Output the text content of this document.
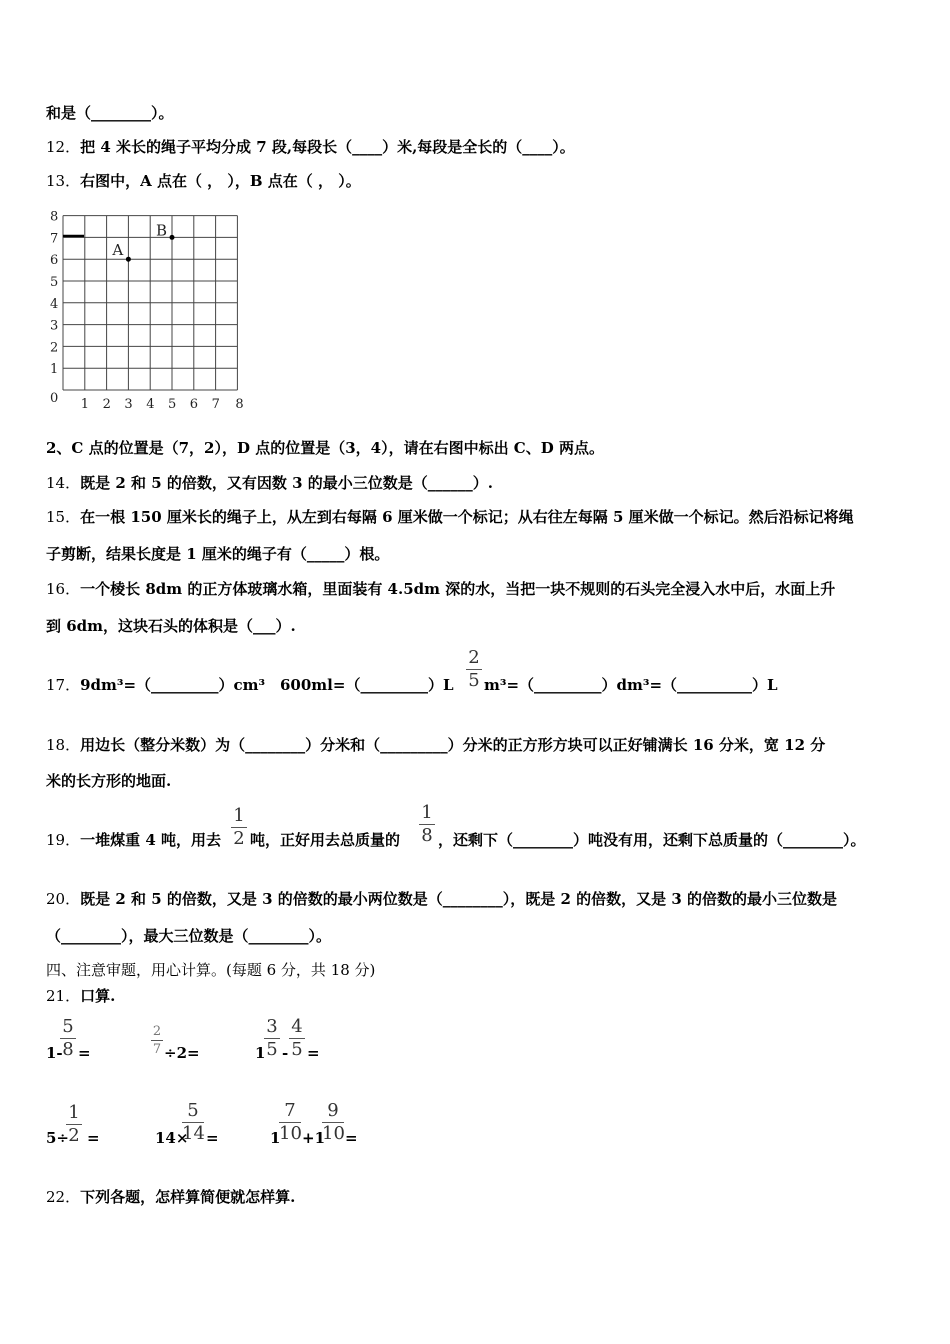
和是（________）。
12．把 4 米长的绳子平均分成 7 段,每段长（____）米,每段是全长的（____）。
13．右图中，A 点在（ ， ），B 点在（ ， ）。
0
1
2
3
4
5
6
7
8
1 2 3 4 5 6 7 8
A
B
2、C 点的位置是（7，2），D 点的位置是（3，4），请在右图中标出 C、D 两点。
14．既是 2 和 5 的倍数，又有因数 3 的最小三位数是（______）.
15．在一根 150 厘米长的绳子上，从左到右每隔 6 厘米做一个标记；从右往左每隔 5 厘米做一个标记。然后沿标记将绳
子剪断，结果长度是 1 厘米的绳子有（_____）根。
16．一个棱长 8dm 的正方体玻璃水箱，里面装有 4.5dm 深的水，当把一块不规则的石头完全浸入水中后，水面上升
到 6dm，这块石头的体积是（___）.
17．9dm³=（_________）cm³ 600ml=（_________）L
2
5 m³=（_________）dm³=（__________）L
18．用边长（整分米数）为（________）分米和（_________）分米的正方形方块可以正好铺满长 16 分米，宽 12 分
米的长方形的地面.
19．一堆煤重 4 吨，用去
1
2 吨，正好用去总质量的
1
8 ，还剩下（________）吨没有用，还剩下总质量的（________）。
20．既是 2 和 5 的倍数，又是 3 的倍数的最小两位数是（________），既是 2 的倍数，又是 3 的倍数的最小三位数是
（________），最大三位数是（________）。
四、注意审题，用心计算。(每题 6 分，共 18 分)
21．口算.
1-
5
8 =
2
7 ÷2=	1
3
5 -
4
5 =
5÷
1
2 =	14×
5
14 =	1
7
10 +1
9
10 =
22．下列各题，怎样算简便就怎样算.
